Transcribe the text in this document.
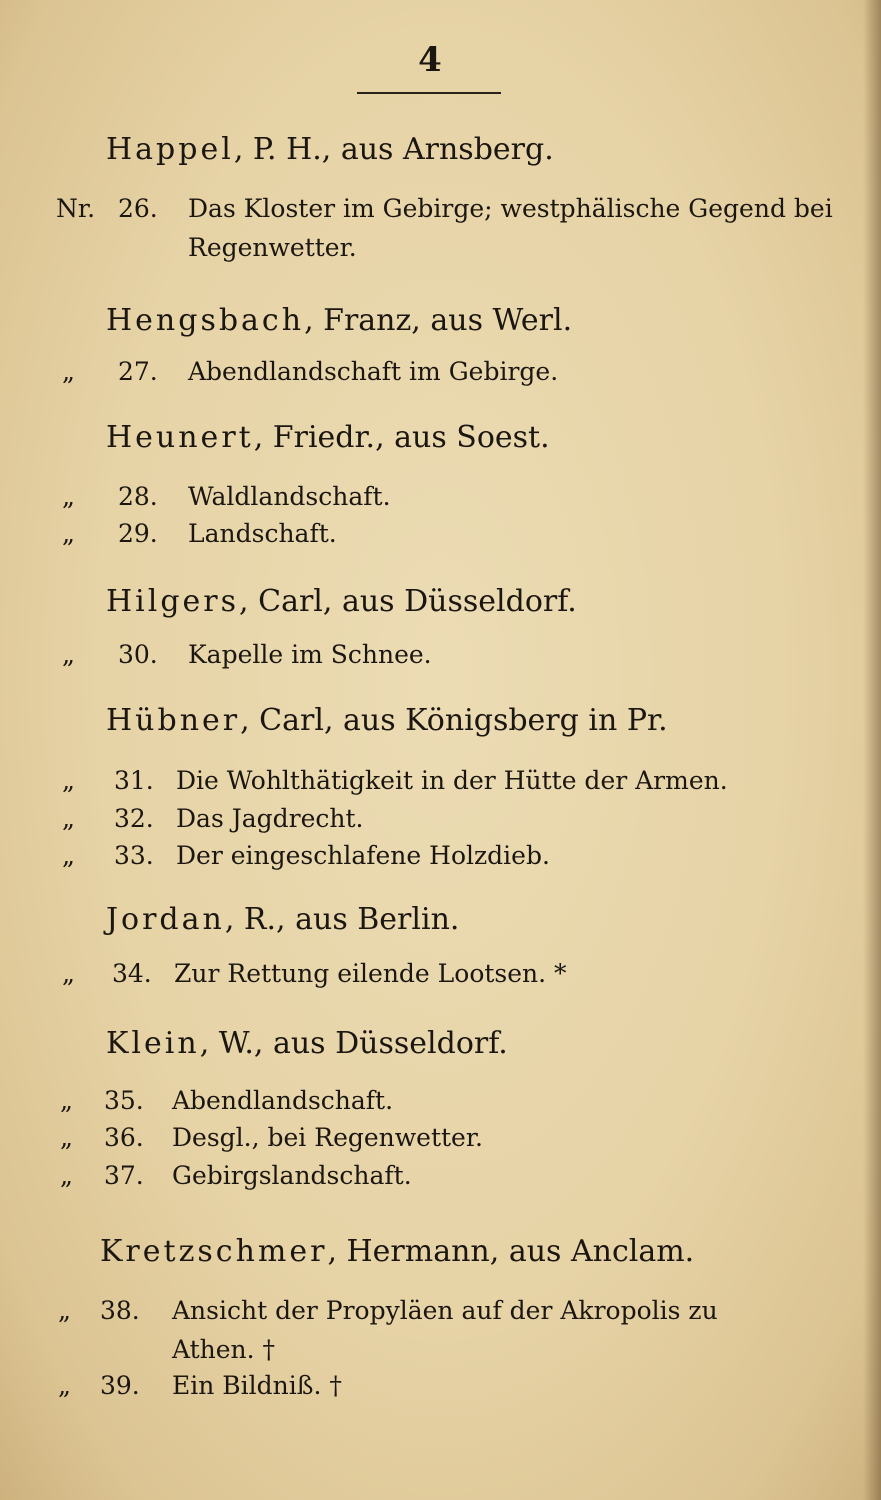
4
Happel, P. H., aus Arnsberg.
Nr. 26.	Das Kloster im Gebirge; westphälische Gegend bei
Regenwetter.
Hengsbach, Franz, aus Werl.
„	27.	Abendlandschaft im Gebirge.
Heunert, Friedr., aus Soest.
„	28.	Waldlandschaft.
„	29.	Landschaft.
Hilgers, Carl, aus Düsseldorf.
„	30.	Kapelle im Schnee.
Hübner, Carl, aus Königsberg in Pr.
„	31. Die Wohlthätigkeit in der Hütte der Armen.
„	32. Das Jagdrecht.
„	33. Der eingeschlafene Holzdieb.
Jordan, R., aus Berlin.
„	34. Zur Rettung eilende Lootsen. *
Klein, W., aus Düsseldorf.
„	35.	Abendlandschaft.
„	36.	Desgl., bei Regenwetter.
„	37.	Gebirgslandschaft.
Kretzschmer, Hermann, aus Anclam.
„	38.	Ansicht der Propyläen auf der Akropolis zu
Athen. †
„	39.	Ein Bildniß. †
